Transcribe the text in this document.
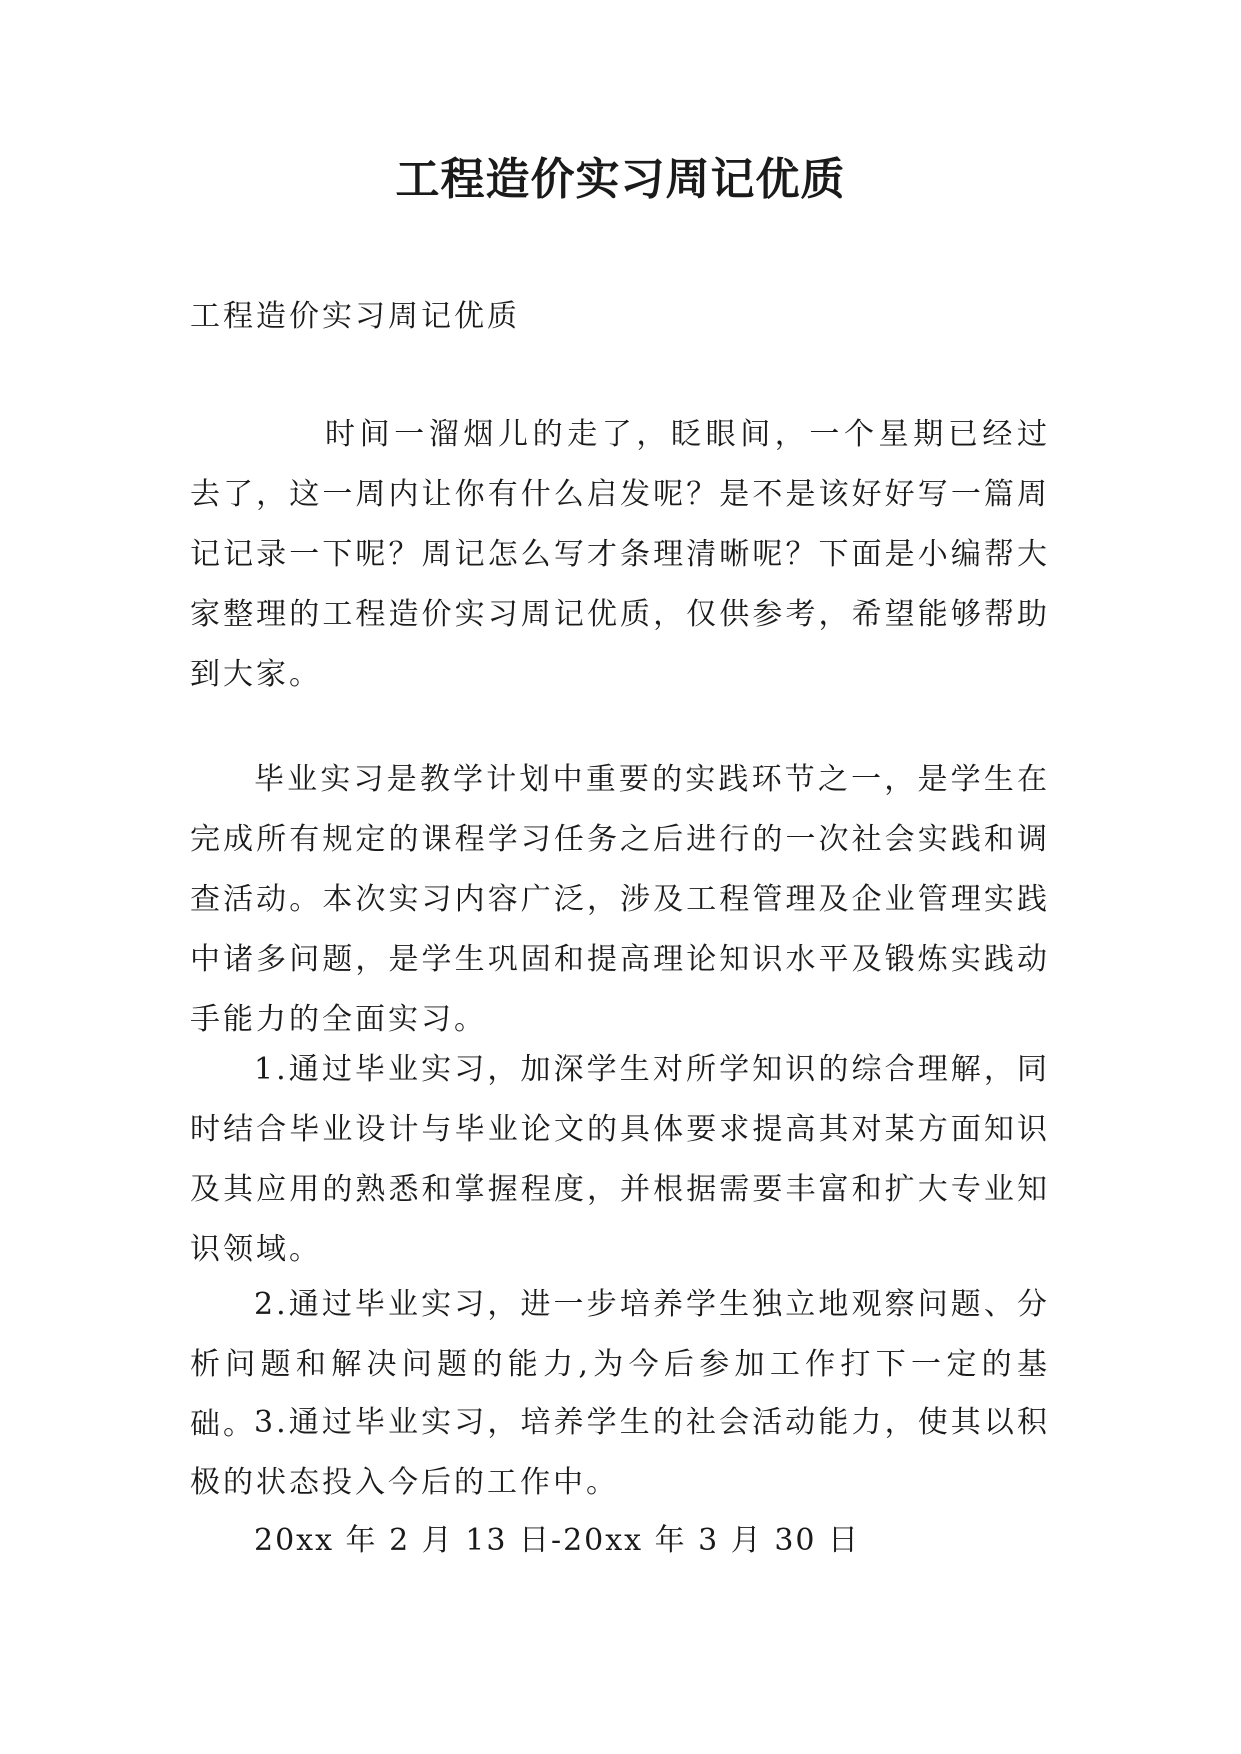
工程造价实习周记优质

工程造价实习周记优质

时间一溜烟儿的走了，眨眼间，一个星期已经过去了，这一周内让你有什么启发呢？是不是该好好写一篇周记记录一下呢？周记怎么写才条理清晰呢？下面是小编帮大家整理的工程造价实习周记优质，仅供参考，希望能够帮助到大家。

毕业实习是教学计划中重要的实践环节之一，是学生在完成所有规定的课程学习任务之后进行的一次社会实践和调查活动。本次实习内容广泛，涉及工程管理及企业管理实践中诸多问题，是学生巩固和提高理论知识水平及锻炼实践动手能力的全面实习。

1.通过毕业实习，加深学生对所学知识的综合理解，同时结合毕业设计与毕业论文的具体要求提高其对某方面知识及其应用的熟悉和掌握程度，并根据需要丰富和扩大专业知识领域。

2.通过毕业实习，进一步培养学生独立地观察问题、分析问题和解决问题的能力,为今后参加工作打下一定的基础。

3.通过毕业实习，培养学生的社会活动能力，使其以积极的状态投入今后的工作中。

20xx 年 2 月 13 日-20xx 年 3 月 30 日
